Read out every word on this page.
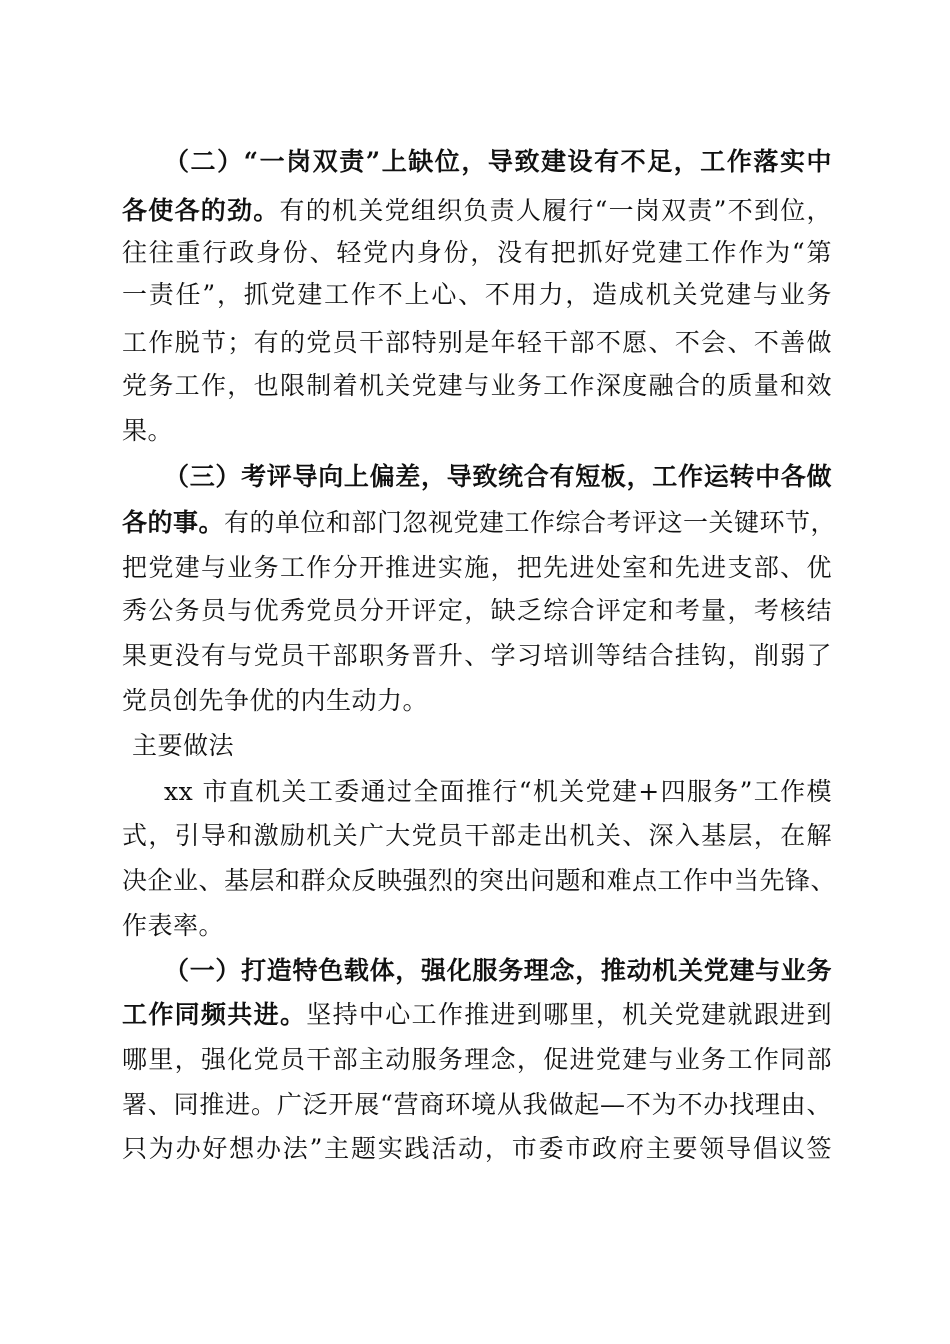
（二）“一岗双责”上缺位，导致建设有不足，工作落实中
各使各的劲。有的机关党组织负责人履行“一岗双责”不到位，
往往重行政身份、轻党内身份，没有把抓好党建工作作为“第
一责任”，抓党建工作不上心、不用力，造成机关党建与业务
工作脱节；有的党员干部特别是年轻干部不愿、不会、不善做
党务工作，也限制着机关党建与业务工作深度融合的质量和效
果。
（三）考评导向上偏差，导致统合有短板，工作运转中各做
各的事。有的单位和部门忽视党建工作综合考评这一关键环节，
把党建与业务工作分开推进实施，把先进处室和先进支部、优
秀公务员与优秀党员分开评定，缺乏综合评定和考量，考核结
果更没有与党员干部职务晋升、学习培训等结合挂钩，削弱了
党员创先争优的内生动力。
主要做法
xx 市直机关工委通过全面推行“机关党建+四服务”工作模
式，引导和激励机关广大党员干部走出机关、深入基层，在解
决企业、基层和群众反映强烈的突出问题和难点工作中当先锋、
作表率。
（一）打造特色载体，强化服务理念，推动机关党建与业务
工作同频共进。坚持中心工作推进到哪里，机关党建就跟进到
哪里，强化党员干部主动服务理念，促进党建与业务工作同部
署、同推进。广泛开展“营商环境从我做起—不为不办找理由、
只为办好想办法”主题实践活动，市委市政府主要领导倡议签
